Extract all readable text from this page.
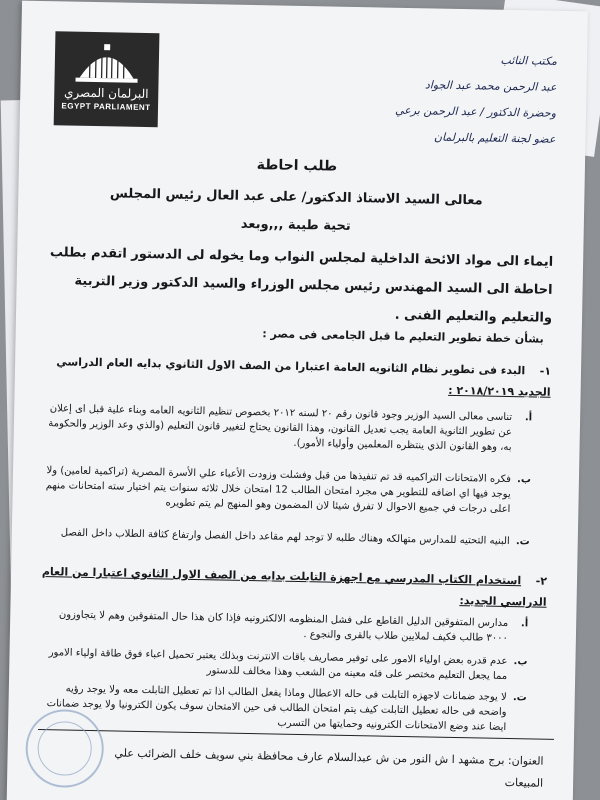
البرلمان المصري
EGYPT PARLIAMENT
مكتب النائب
عبد الرحمن محمد عبد الجواد
وحضرة الدكتور / عبد الرحمن برعي
عضو لجنة التعليم بالبرلمان
طلب احاطة
معالى السيد الاستاذ الدكتور/ على عبد العال رئيس المجلس
تحية طيبة ,,,وبعد
ايماء الى مواد الائحة الداخلية لمجلس النواب وما يخوله لى الدستور اتقدم بطلب احاطة الى السيد المهندس رئيس مجلس الوزراء والسيد الدكتور وزير التربية والتعليم والتعليم الفنى .
بشأن خطة تطوير التعليم ما قبل الجامعى فى مصر :
١- البدء فى تطوير نظام الثانويه العامة اعتبارا من الصف الاول الثانوي بدايه العام الدراسي
الجديد ٢٠١٨/٢٠١٩ :
أ.
تناسى معالى السيد الوزير وجود قانون رقم ٢٠ لسنه ٢٠١٢ بخصوص تنظيم الثانويه العامه وبناء علية قبل اى إعلان عن تطوير الثانوية العامة يجب تعديل القانون، وهذا القانون يحتاج لتغيير قانون التعليم (والذي وعد الوزير والحكومة به، وهو القانون الذي ينتظره المعلمين وأولياء الأمور).
ب.
فكره الامتحانات التراكميه قد تم تنفيذها من قبل وفشلت وزودت الأعباء علي الأسرة المصرية (تراكمية لعامين) ولا يوجد فيها اي اضافه للتطوير هي مجرد امتحان الطالب 12 امتحان خلال ثلاثه سنوات يتم اختيار سته امتحانات منهم اعلى درجات في جميع الاحوال لا تفرق شيئا لان المضمون وهو المنهج لم يتم تطويره
ت.
البنيه التحتيه للمدارس متهالكه وهناك طلبه لا توجد لهم مقاعد داخل الفصل وارتفاع كثافة الطلاب داخل الفصل
٢- استخدام الكتاب المدرسي مع اجهزة التابلت بدايه من الصف الاول الثانوي اعتبارا من العام
الدراسي الجديد:
أ.
مدارس المتفوقين الدليل القاطع على فشل المنظومه الالكترونيه فإذا كان هذا حال المتفوقين وهم لا يتجاوزون ٣٠٠٠ طالب فكيف لملايين طلاب بالقرى والنجوع .
ب.
عدم قدره بعض اولياء الامور على توفير مصاريف باقات الانترنت وبذلك يعتبر تحميل اعباء فوق طاقة اولياء الامور مما يجعل التعليم مختصر على فئه معينه من الشعب وهذا مخالف للدستور
ت.
لا يوجد ضمانات لاجهزه التابلت فى حاله الاعطال وماذا يفعل الطالب اذا تم تعطيل التابلت معه ولا يوجد رؤيه واضحه فى حاله تعطيل التابلت كيف يتم امتحان الطالب فى حين الامتحان سوف يكون الكترونيا ولا يوجد ضمانات ايضا عند وضع الامتحانات الكترونيه وحمايتها من التسرب
العنوان: برج مشهد ا ش النور من ش عبدالسلام عارف محافظة بني سويف خلف الضرائب علي
المبيعات
